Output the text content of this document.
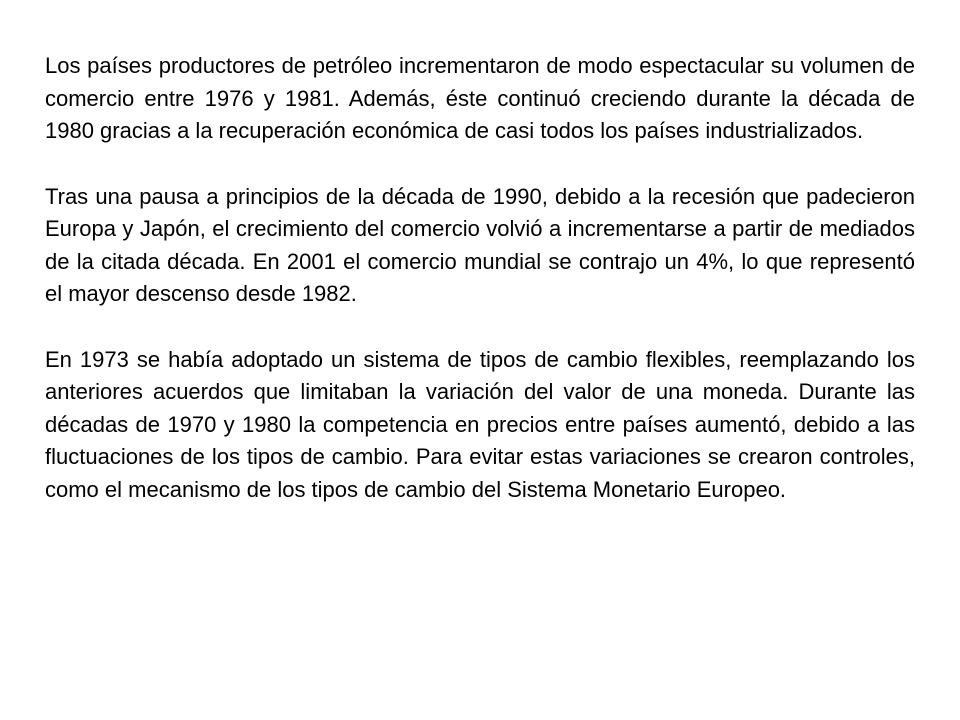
Los países productores de petróleo incrementaron de modo espectacular su volumen de comercio entre 1976 y 1981. Además, éste continuó creciendo durante la década de 1980 gracias a la recuperación económica de casi todos los países industrializados.

Tras una pausa a principios de la década de 1990, debido a la recesión que padecieron Europa y Japón, el crecimiento del comercio volvió a incrementarse a partir de mediados de la citada década. En 2001 el comercio mundial se contrajo un 4%, lo que representó el mayor descenso desde 1982.

En 1973 se había adoptado un sistema de tipos de cambio flexibles, reemplazando los anteriores acuerdos que limitaban la variación del valor de una moneda. Durante las décadas de 1970 y 1980 la competencia en precios entre países aumentó, debido a las fluctuaciones de los tipos de cambio. Para evitar estas variaciones se crearon controles, como el mecanismo de los tipos de cambio del Sistema Monetario Europeo.
